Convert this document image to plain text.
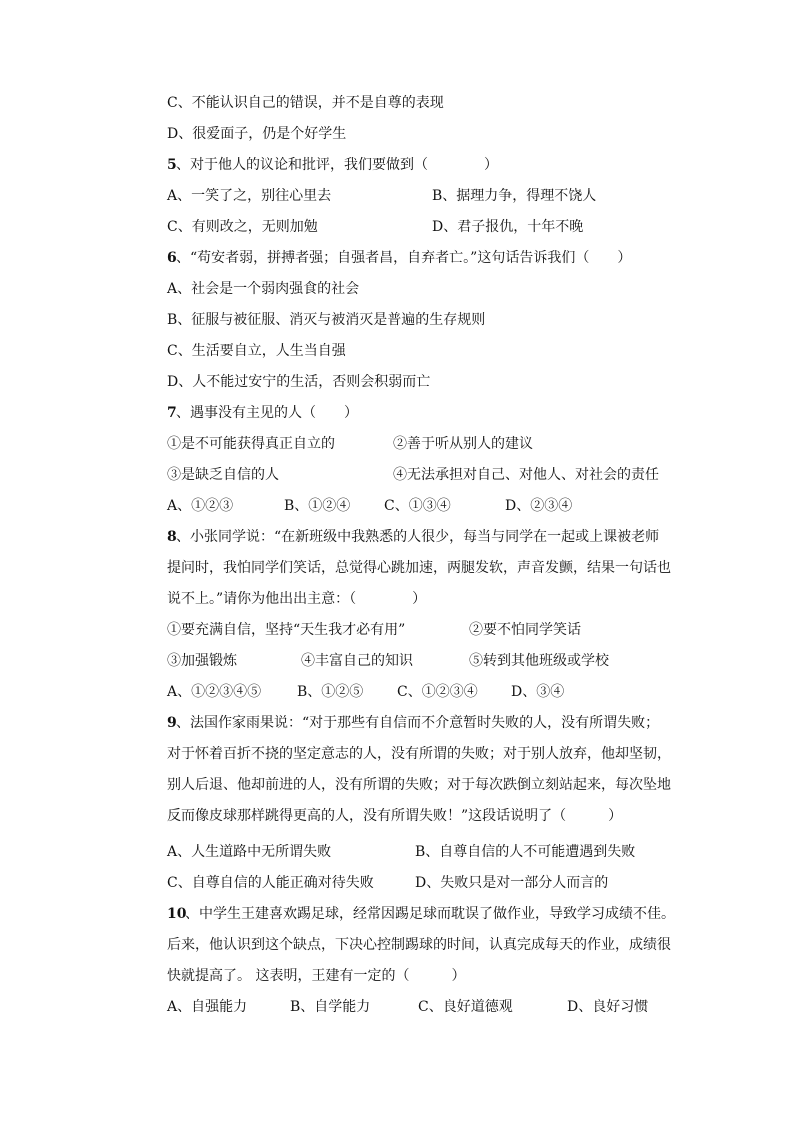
C、不能认识自己的错误，并不是自尊的表现
D、很爱面子，仍是个好学生
5 、对于他人的议论和批评，我们要做到（　　　　）
A、一笑了之，别往心里去	B、据理力争，得理不饶人
C、有则改之，无则加勉	D、君子报仇，十年不晚
6 、“苟安者弱，拼搏者强；自强者昌，自弃者亡。”这句话告诉我们（　　）
A、社会是一个弱肉强食的社会
B、征服与被征服、消灭与被消灭是普遍的生存规则
C、生活要自立，人生当自强
D、人不能过安宁的生活，否则会积弱而亡
7 、遇事没有主见的人（　　）
①是不可能获得真正自立的	②善于听从别人的建议
③是缺乏自信的人	④无法承担对自己、对他人、对社会的责任
A、①②③	B、①②④ C、①③④	D、②③④
8 、小张同学说：“在新班级中我熟悉的人很少，每当与同学在一起或上课被老师
提问时，我怕同学们笑话，总觉得心跳加速，两腿发软，声音发颤，结果一句话也
说不上。”请你为他出出主意：（　　　　）
①要充满自信，坚持“天生我才必有用”	②要不怕同学笑话
③加强锻炼	④丰富自己的知识	⑤转到其他班级或学校
A、①②③④⑤	B、①②⑤ C、①②③④ D、③④
9 、法国作家雨果说：“对于那些有自信而不介意暂时失败的人，没有所谓失败；
对于怀着百折不挠的坚定意志的人，没有所谓的失败；对于别人放弃，他却坚韧，
别人后退、他却前进的人，没有所谓的失败；对于每次跌倒立刻站起来，每次坠地
反而像皮球那样跳得更高的人，没有所谓失败！”这段话说明了（　　　）
A、人生道路中无所谓失败	B、自尊自信的人不可能遭遇到失败
C、自尊自信的人能正确对待失败	D、失败只是对一部分人而言的
10
、中学生王建喜欢踢足球，经常因踢足球而耽误了做作业，导致学习成绩不佳。
后来，他认识到这个缺点，下决心控制踢球的时间，认真完成每天的作业，成绩很
快就提高了。 这表明，王建有一定的（　　　）
A、自强能力	B、自学能力	C、良好道德观	D、良好习惯
